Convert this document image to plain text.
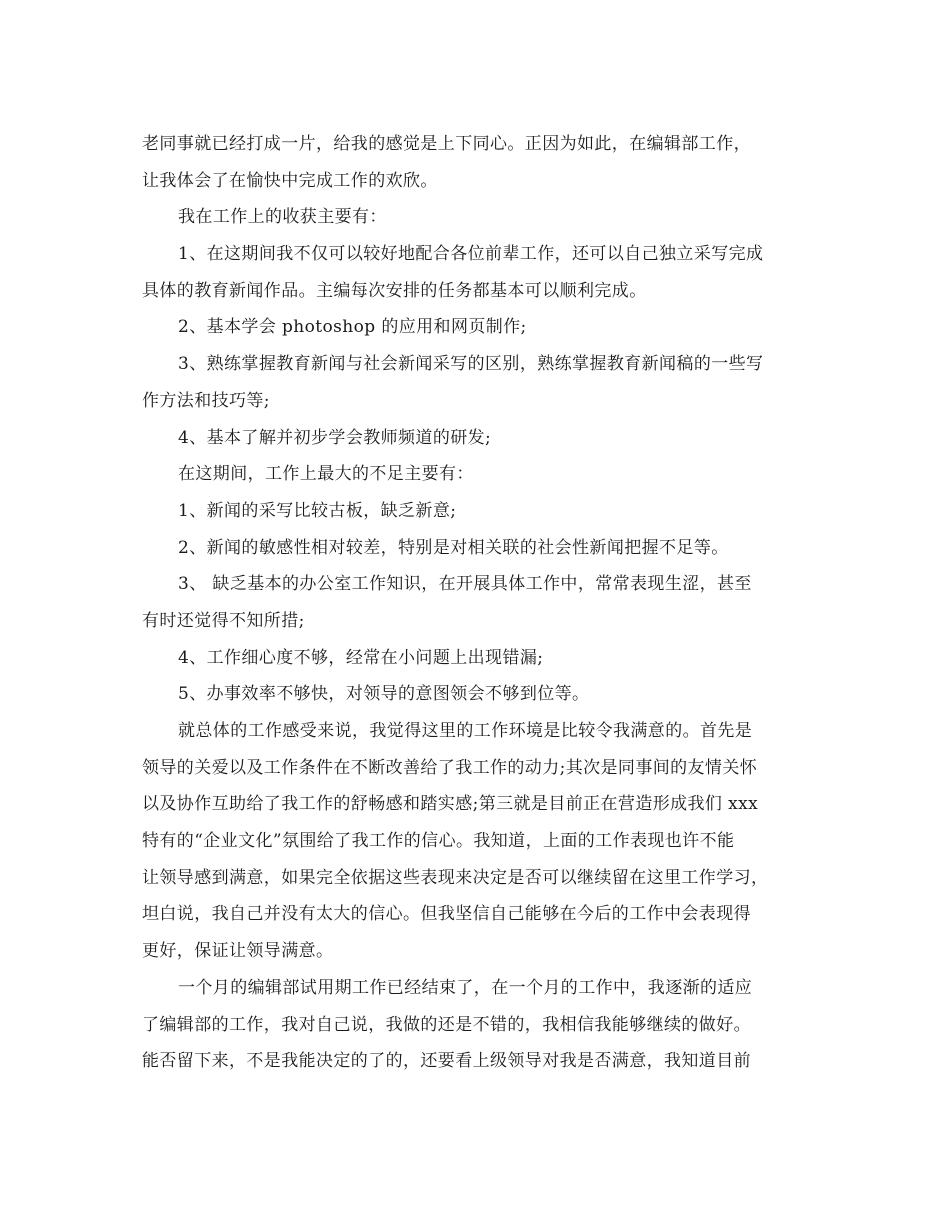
老同事就已经打成一片，给我的感觉是上下同心。正因为如此，在编辑部工作，
让我体会了在愉快中完成工作的欢欣。
我在工作上的收获主要有：
1、在这期间我不仅可以较好地配合各位前辈工作，还可以自己独立采写完成
具体的教育新闻作品。主编每次安排的任务都基本可以顺利完成。
2、基本学会 photoshop 的应用和网页制作;
3、熟练掌握教育新闻与社会新闻采写的区别，熟练掌握教育新闻稿的一些写
作方法和技巧等;
4、基本了解并初步学会教师频道的研发;
在这期间，工作上最大的不足主要有：
1、新闻的采写比较古板，缺乏新意;
2、新闻的敏感性相对较差，特别是对相关联的社会性新闻把握不足等。
3、 缺乏基本的办公室工作知识，在开展具体工作中，常常表现生涩，甚至
有时还觉得不知所措;
4、工作细心度不够，经常在小问题上出现错漏;
5、办事效率不够快，对领导的意图领会不够到位等。
就总体的工作感受来说，我觉得这里的工作环境是比较令我满意的。首先是
领导的关爱以及工作条件在不断改善给了我工作的动力;其次是同事间的友情关怀
以及协作互助给了我工作的舒畅感和踏实感;第三就是目前正在营造形成我们 xxx
特有的“企业文化”氛围给了我工作的信心。我知道，上面的工作表现也许不能
让领导感到满意，如果完全依据这些表现来决定是否可以继续留在这里工作学习，
坦白说，我自己并没有太大的信心。但我坚信自己能够在今后的工作中会表现得
更好，保证让领导满意。
一个月的编辑部试用期工作已经结束了，在一个月的工作中，我逐渐的适应
了编辑部的工作，我对自己说，我做的还是不错的，我相信我能够继续的做好。
能否留下来，不是我能决定的了的，还要看上级领导对我是否满意，我知道目前
